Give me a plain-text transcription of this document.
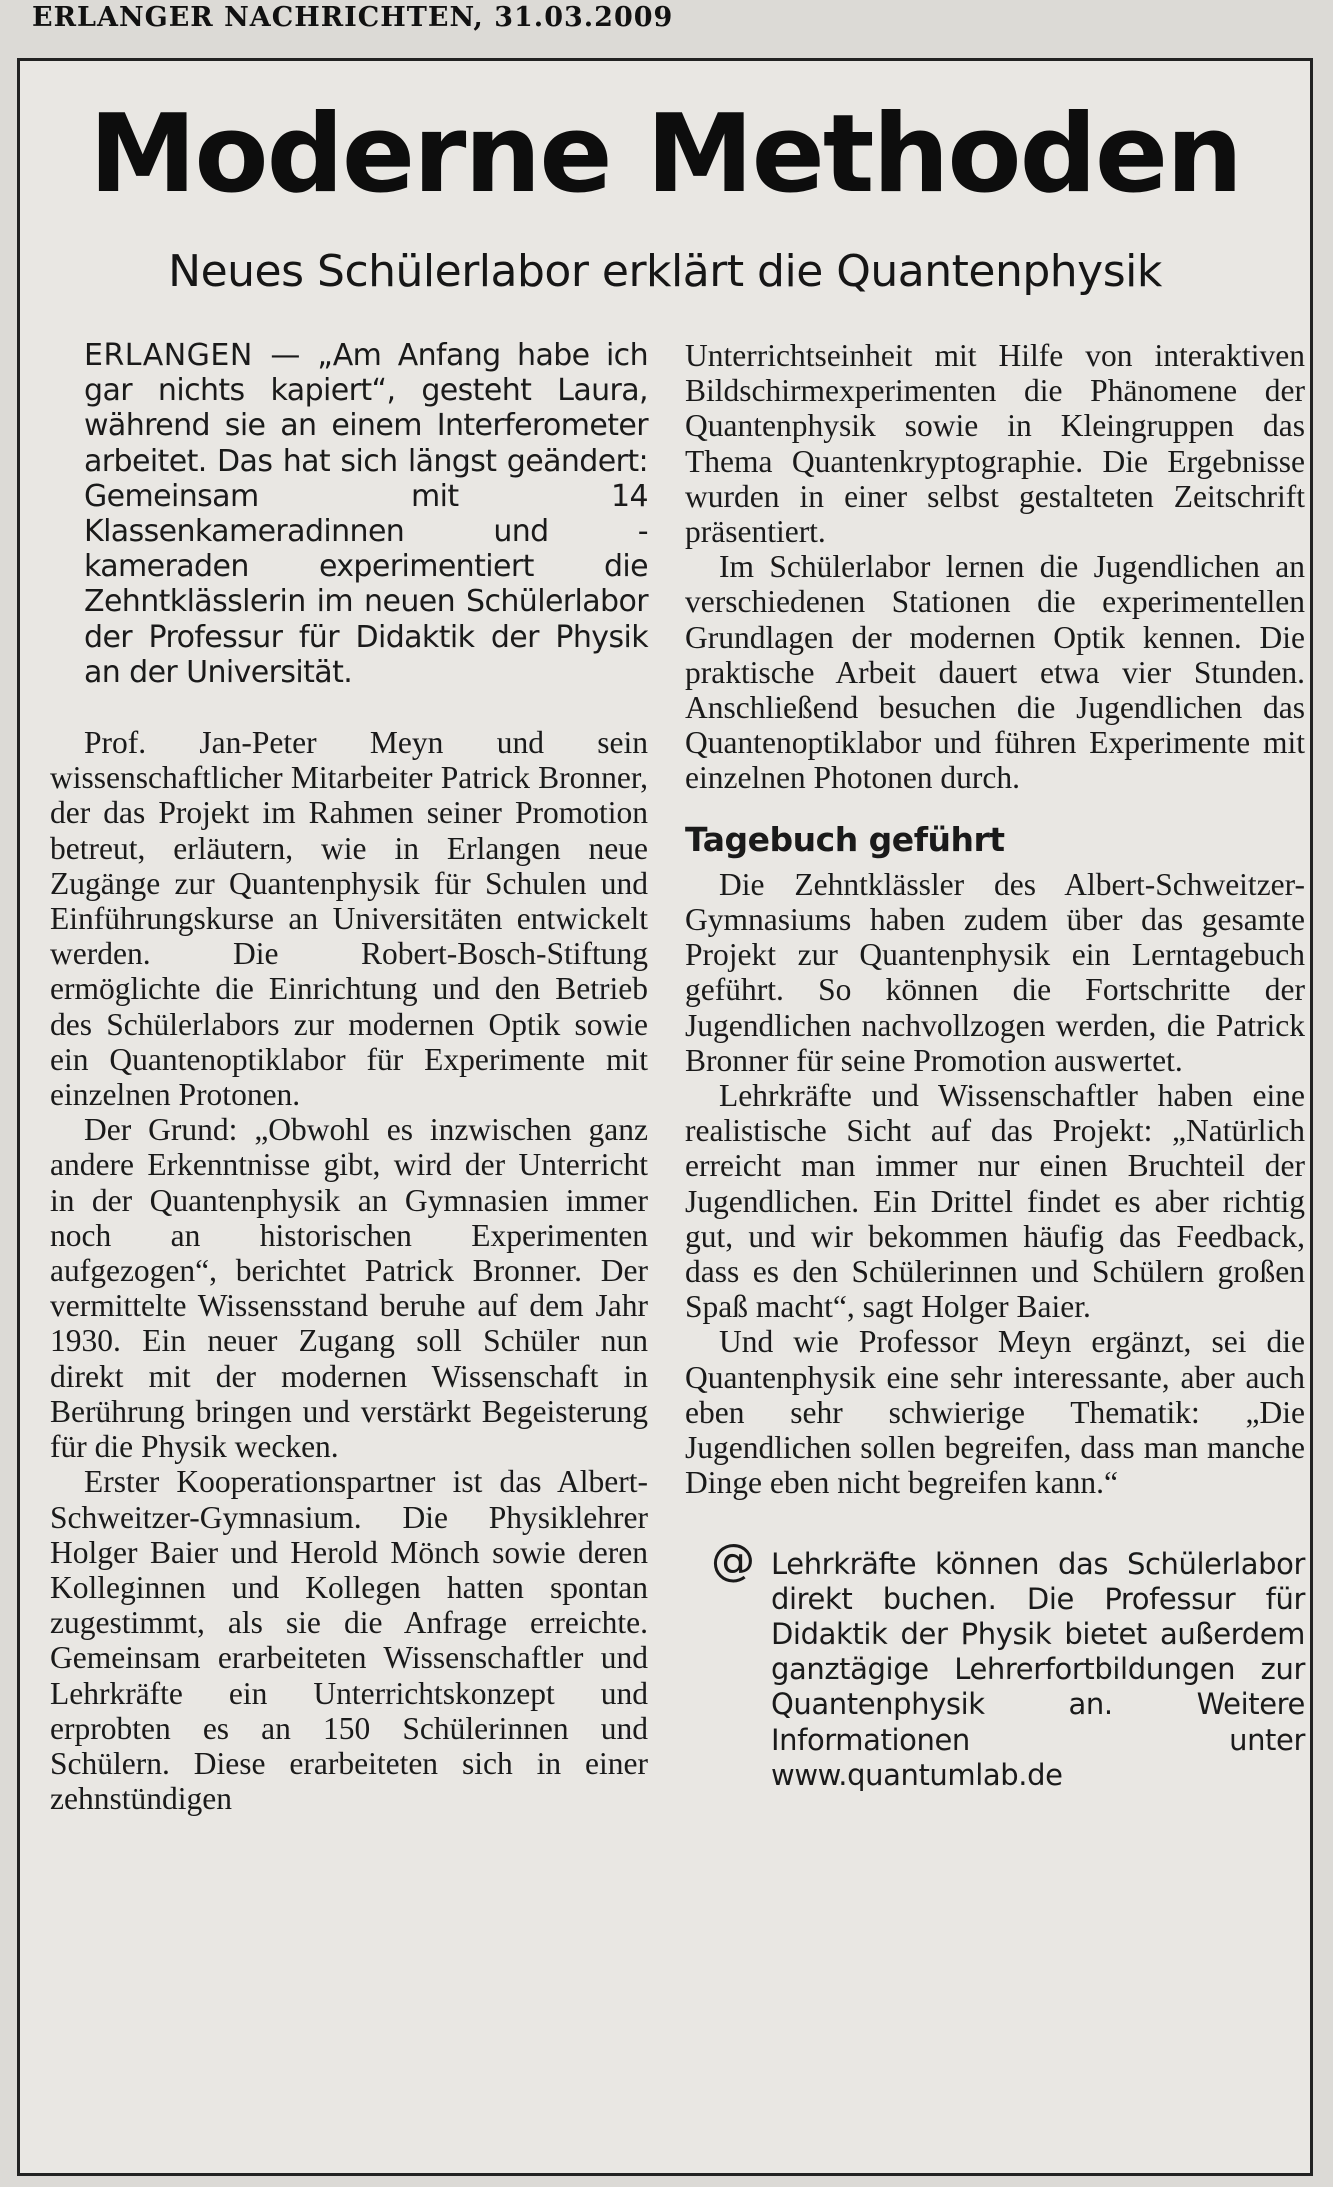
ERLANGER NACHRICHTEN, 31.03.2009
Moderne Methoden
Neues Schülerlabor erklärt die Quantenphysik

ERLANGEN — „Am Anfang habe ich gar nichts kapiert“, gesteht Laura, während sie an einem Interferometer arbeitet. Das hat sich längst geändert: Gemeinsam mit 14 Klassenkameradinnen und -kameraden experimentiert die Zehntklässlerin im neuen Schülerlabor der Professur für Didaktik der Physik an der Universität.

Prof. Jan-Peter Meyn und sein wissenschaftlicher Mitarbeiter Patrick Bronner, der das Projekt im Rahmen seiner Promotion betreut, erläutern, wie in Erlangen neue Zugänge zur Quantenphysik für Schulen und Einführungskurse an Universitäten entwickelt werden. Die Robert-Bosch-Stiftung ermöglichte die Einrichtung und den Betrieb des Schülerlabors zur modernen Optik sowie ein Quantenoptiklabor für Experimente mit einzelnen Protonen.

Der Grund: „Obwohl es inzwischen ganz andere Erkenntnisse gibt, wird der Unterricht in der Quantenphysik an Gymnasien immer noch an historischen Experimenten aufgezogen“, berichtet Patrick Bronner. Der vermittelte Wissensstand beruhe auf dem Jahr 1930. Ein neuer Zugang soll Schüler nun direkt mit der modernen Wissenschaft in Berührung bringen und verstärkt Begeisterung für die Physik wecken.

Erster Kooperationspartner ist das Albert-Schweitzer-Gymnasium. Die Physiklehrer Holger Baier und Herold Mönch sowie deren Kolleginnen und Kollegen hatten spontan zugestimmt, als sie die Anfrage erreichte. Gemeinsam erarbeiteten Wissenschaftler und Lehrkräfte ein Unterrichtskonzept und erprobten es an 150 Schülerinnen und Schülern. Diese erarbeiteten sich in einer zehnstündigen

Unterrichtseinheit mit Hilfe von interaktiven Bildschirmexperimenten die Phänomene der Quantenphysik sowie in Kleingruppen das Thema Quantenkryptographie. Die Ergebnisse wurden in einer selbst gestalteten Zeitschrift präsentiert.

Im Schülerlabor lernen die Jugendlichen an verschiedenen Stationen die experimentellen Grundlagen der modernen Optik kennen. Die praktische Arbeit dauert etwa vier Stunden. Anschließend besuchen die Jugendlichen das Quantenoptiklabor und führen Experimente mit einzelnen Photonen durch.

Tagebuch geführt

Die Zehntklässler des Albert-Schweitzer-Gymnasiums haben zudem über das gesamte Projekt zur Quantenphysik ein Lerntagebuch geführt. So können die Fortschritte der Jugendlichen nachvollzogen werden, die Patrick Bronner für seine Promotion auswertet.

Lehrkräfte und Wissenschaftler haben eine realistische Sicht auf das Projekt: „Natürlich erreicht man immer nur einen Bruchteil der Jugendlichen. Ein Drittel findet es aber richtig gut, und wir bekommen häufig das Feedback, dass es den Schülerinnen und Schülern großen Spaß macht“, sagt Holger Baier.

Und wie Professor Meyn ergänzt, sei die Quantenphysik eine sehr interessante, aber auch eben sehr schwierige Thematik: „Die Jugendlichen sollen begreifen, dass man manche Dinge eben nicht begreifen kann.“

@ Lehrkräfte können das Schülerlabor direkt buchen. Die Professur für Didaktik der Physik bietet außerdem ganztägige Lehrerfortbildungen zur Quantenphysik an. Weitere Informationen unter www.quantumlab.de
